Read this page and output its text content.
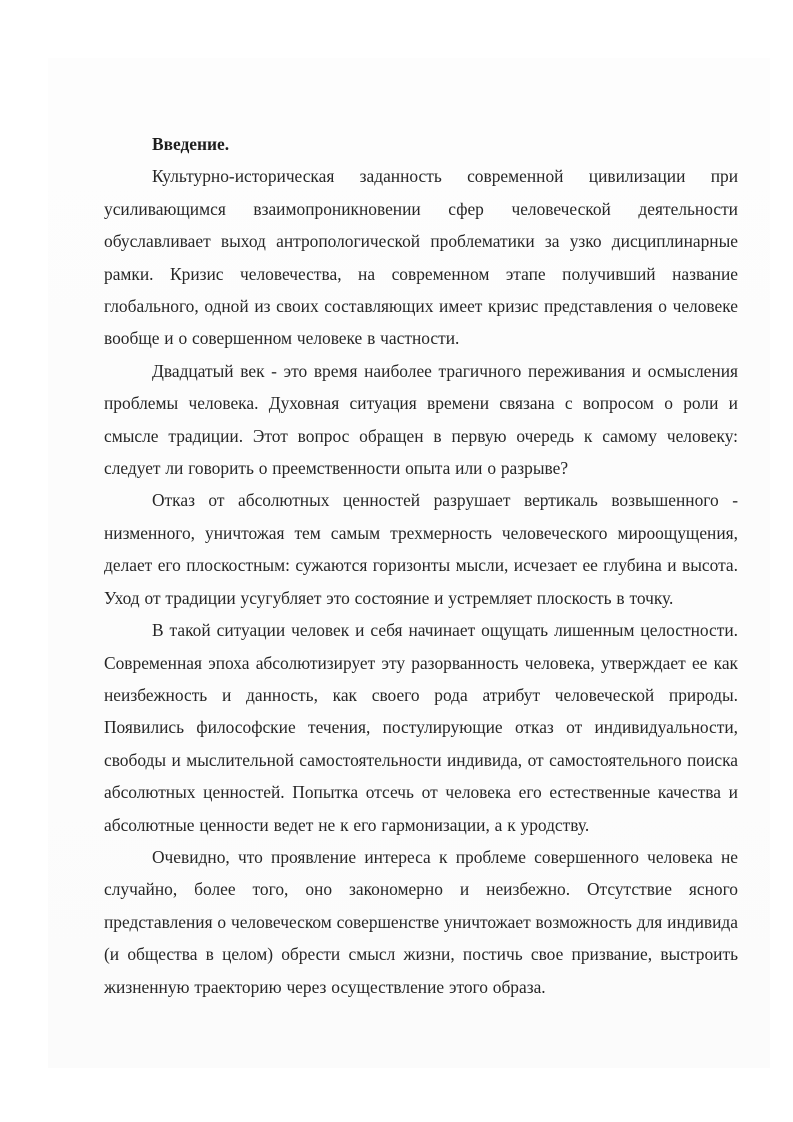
Введение.

Культурно-историческая заданность современной цивилизации при усиливающимся взаимопроникновении сфер человеческой деятельности обуславливает выход антропологической проблематики за узко дисциплинарные рамки. Кризис человечества, на современном этапе получивший название глобального, одной из своих составляющих имеет кризис представления о человеке вообще и о совершенном человеке в частности.

Двадцатый век - это время наиболее трагичного переживания и осмысления проблемы человека. Духовная ситуация времени связана с вопросом о роли и смысле традиции. Этот вопрос обращен в первую очередь к самому человеку: следует ли говорить о преемственности опыта или о разрыве?

Отказ от абсолютных ценностей разрушает вертикаль возвышенного - низменного, уничтожая тем самым трехмерность человеческого мироощущения, делает его плоскостным: сужаются горизонты мысли, исчезает ее глубина и высота. Уход от традиции усугубляет это состояние и устремляет плоскость в точку.

В такой ситуации человек и себя начинает ощущать лишенным целостности. Современная эпоха абсолютизирует эту разорванность человека, утверждает ее как неизбежность и данность, как своего рода атрибут человеческой природы. Появились философские течения, постулирующие отказ от индивидуальности, свободы и мыслительной самостоятельности индивида, от самостоятельного поиска абсолютных ценностей. Попытка отсечь от человека его естественные качества и абсолютные ценности ведет не к его гармонизации, а к уродству.

Очевидно, что проявление интереса к проблеме совершенного человека не случайно, более того, оно закономерно и неизбежно. Отсутствие ясного представления о человеческом совершенстве уничтожает возможность для индивида (и общества в целом) обрести смысл жизни, постичь свое призвание, выстроить жизненную траекторию через осуществление этого образа.
